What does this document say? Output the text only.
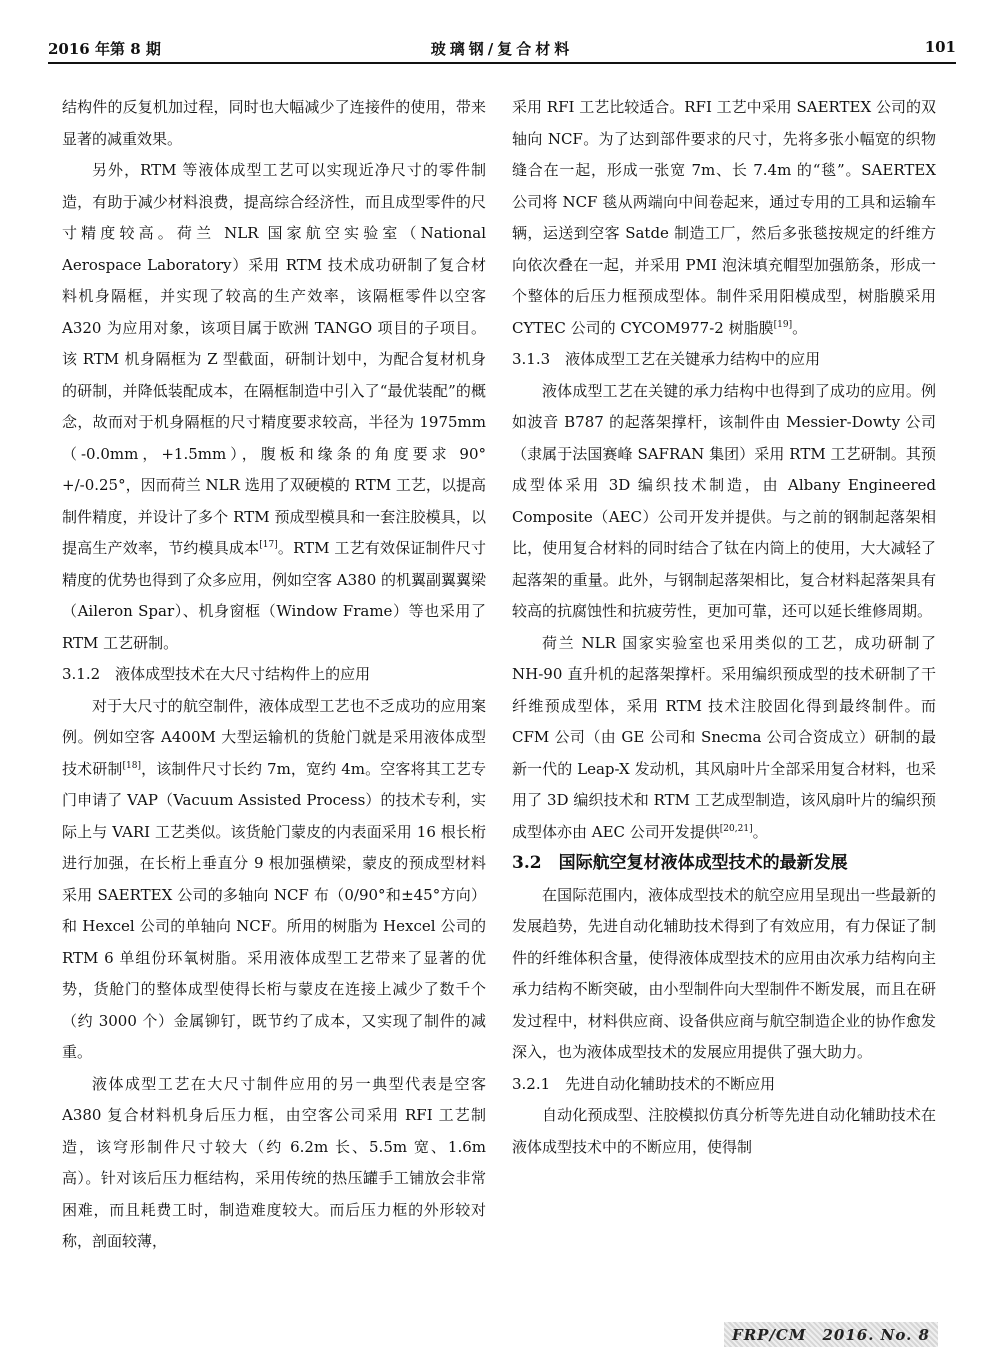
2016 年第 8 期	玻璃钢/复合材料	101

结构件的反复机加过程，同时也大幅减少了连接件的使用，带来显著的减重效果。

另外，RTM 等液体成型工艺可以实现近净尺寸的零件制造，有助于减少材料浪费，提高综合经济性，而且成型零件的尺寸精度较高。荷兰 NLR 国家航空实验室（National Aerospace Laboratory）采用 RTM 技术成功研制了复合材料机身隔框，并实现了较高的生产效率，该隔框零件以空客 A320 为应用对象，该项目属于欧洲 TANGO 项目的子项目。该 RTM 机身隔框为 Z 型截面，研制计划中，为配合复材机身的研制，并降低装配成本，在隔框制造中引入了“最优装配”的概念，故而对于机身隔框的尺寸精度要求较高，半径为 1975mm（-0.0mm，+1.5mm），腹板和缘条的角度要求 90°+/-0.25°，因而荷兰 NLR 选用了双硬模的 RTM 工艺，以提高制件精度，并设计了多个 RTM 预成型模具和一套注胶模具，以提高生产效率，节约模具成本[17]。RTM 工艺有效保证制件尺寸精度的优势也得到了众多应用，例如空客 A380 的机翼副翼翼梁（Aileron Spar）、机身窗框（Window Frame）等也采用了 RTM 工艺研制。

3.1.2　液体成型技术在大尺寸结构件上的应用

对于大尺寸的航空制件，液体成型工艺也不乏成功的应用案例。例如空客 A400M 大型运输机的货舱门就是采用液体成型技术研制[18]，该制件尺寸长约 7m，宽约 4m。空客将其工艺专门申请了 VAP（Vacuum Assisted Process）的技术专利，实际上与 VARI 工艺类似。该货舱门蒙皮的内表面采用 16 根长桁进行加强，在长桁上垂直分 9 根加强横梁，蒙皮的预成型材料采用 SAERTEX 公司的多轴向 NCF 布（0/90°和±45°方向）和 Hexcel 公司的单轴向 NCF。所用的树脂为 Hexcel 公司的 RTM 6 单组份环氧树脂。采用液体成型工艺带来了显著的优势，货舱门的整体成型使得长桁与蒙皮在连接上减少了数千个（约 3000 个）金属铆钉，既节约了成本，又实现了制件的减重。

液体成型工艺在大尺寸制件应用的另一典型代表是空客 A380 复合材料机身后压力框，由空客公司采用 RFI 工艺制造，该穹形制件尺寸较大（约 6.2m 长、5.5m 宽、1.6m 高）。针对该后压力框结构，采用传统的热压罐手工铺放会非常困难，而且耗费工时，制造难度较大。而后压力框的外形较对称，剖面较薄，

采用 RFI 工艺比较适合。RFI 工艺中采用 SAERTEX 公司的双轴向 NCF。为了达到部件要求的尺寸，先将多张小幅宽的织物缝合在一起，形成一张宽 7m、长 7.4m 的“毯”。SAERTEX 公司将 NCF 毯从两端向中间卷起来，通过专用的工具和运输车辆，运送到空客 Satde 制造工厂，然后多张毯按规定的纤维方向依次叠在一起，并采用 PMI 泡沫填充帽型加强筋条，形成一个整体的后压力框预成型体。制件采用阳模成型，树脂膜采用 CYTEC 公司的 CYCOM977-2 树脂膜[19]。

3.1.3　液体成型工艺在关键承力结构中的应用

液体成型工艺在关键的承力结构中也得到了成功的应用。例如波音 B787 的起落架撑杆，该制件由 Messier-Dowty 公司（隶属于法国赛峰 SAFRAN 集团）采用 RTM 工艺研制。其预成型体采用 3D 编织技术制造，由 Albany Engineered Composite（AEC）公司开发并提供。与之前的钢制起落架相比，使用复合材料的同时结合了钛在内筒上的使用，大大减轻了起落架的重量。此外，与钢制起落架相比，复合材料起落架具有较高的抗腐蚀性和抗疲劳性，更加可靠，还可以延长维修周期。

荷兰 NLR 国家实验室也采用类似的工艺，成功研制了 NH-90 直升机的起落架撑杆。采用编织预成型的技术研制了干纤维预成型体，采用 RTM 技术注胶固化得到最终制件。而 CFM 公司（由 GE 公司和 Snecma 公司合资成立）研制的最新一代的 Leap-X 发动机，其风扇叶片全部采用复合材料，也采用了 3D 编织技术和 RTM 工艺成型制造，该风扇叶片的编织预成型体亦由 AEC 公司开发提供[20,21]。

3.2　国际航空复材液体成型技术的最新发展

在国际范围内，液体成型技术的航空应用呈现出一些最新的发展趋势，先进自动化辅助技术得到了有效应用，有力保证了制件的纤维体积含量，使得液体成型技术的应用由次承力结构向主承力结构不断突破，由小型制件向大型制件不断发展，而且在研发过程中，材料供应商、设备供应商与航空制造企业的协作愈发深入，也为液体成型技术的发展应用提供了强大助力。

3.2.1　先进自动化辅助技术的不断应用

自动化预成型、注胶模拟仿真分析等先进自动化辅助技术在液体成型技术中的不断应用，使得制

FRP/CM　2016. No. 8
